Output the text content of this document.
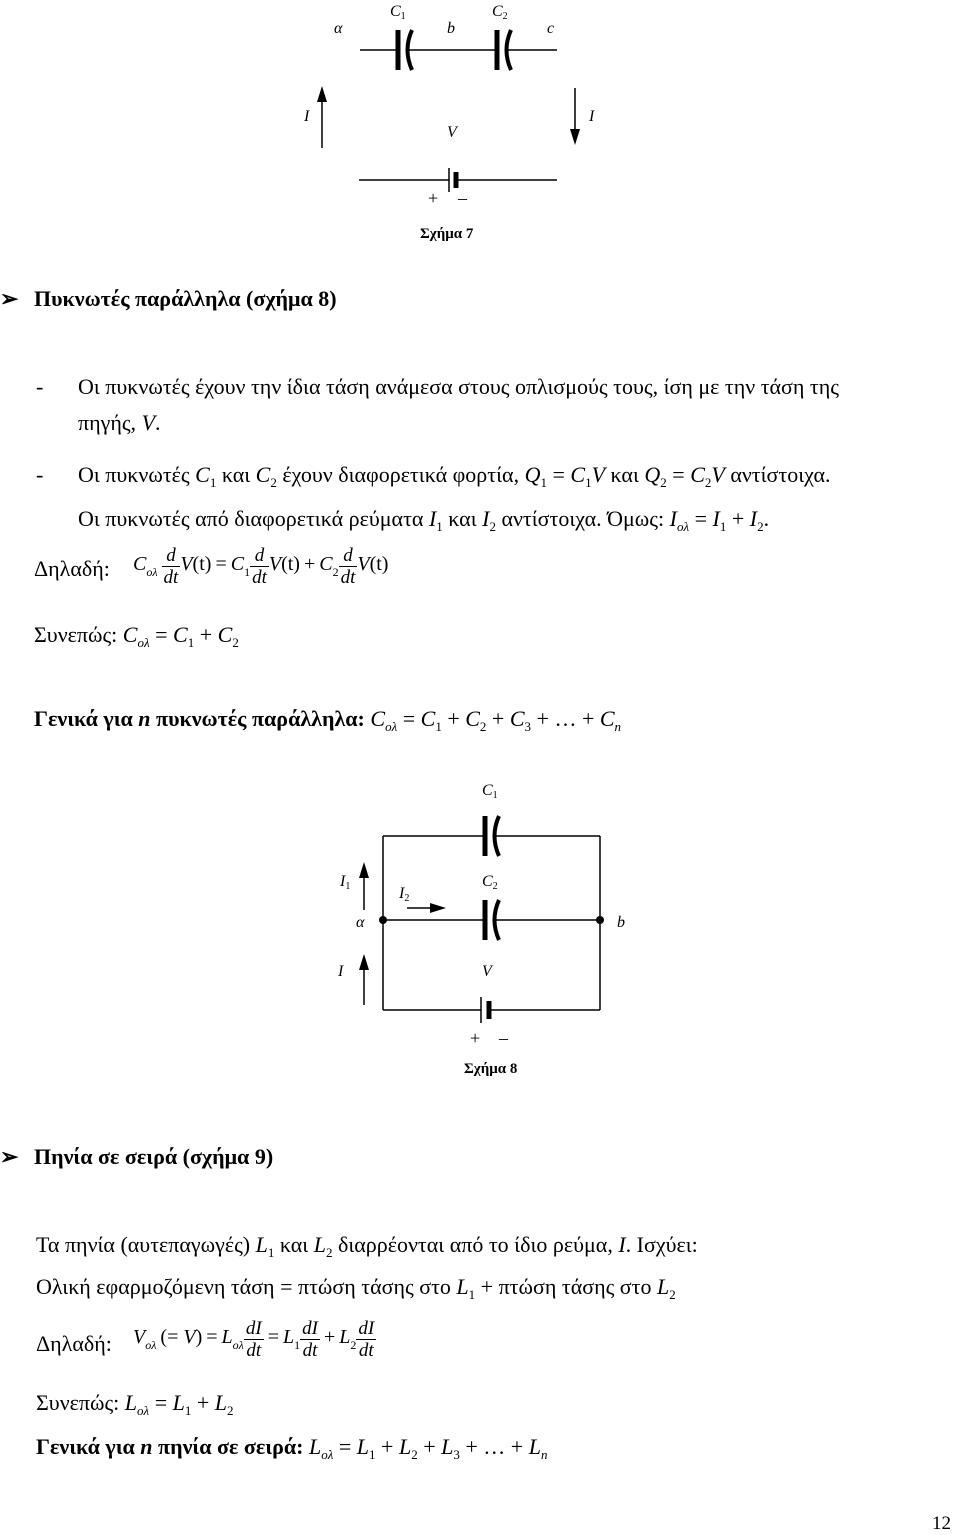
α
C1
b
C2
c
I	I
V
+ –
Σχήμα 7
➢ Πυκνωτές παράλληλα (σχήμα 8)
- Οι πυκνωτές έχουν την ίδια τάση ανάμεσα στους οπλισμούς τους, ίση με την τάση της
πηγής, V.
- Οι πυκνωτές $C_1$ και $C_2$ έχουν διαφορετικά φορτία, $Q_1 = C_1V$ και $Q_2 = C_2V$ αντίστοιχα.
Οι πυκνωτές από διαφορετικά ρεύματα $I_1$ και $I_2$ αντίστοιχα. Όμως: $I_{o\lambda} = I_1 + I_2$.
Δηλαδή: $C_{o\lambda} \frac{d}{dt} V(t) = C_1 \frac{d}{dt} V(t) + C_2 \frac{d}{dt} V(t)$
Συνεπώς: $C_{o\lambda} = C_1 + C_2$
Γενικά για n πυκνωτές παράλληλα: $C_{o\lambda} = C_1 + C_2 + C_3$ + … + $C_n$
C1
C2
I1	I2
α	b
I	V
+ –
Σχήμα 8
➢ Πηνία σε σειρά (σχήμα 9)
Τα πηνία (αυτεπαγωγές) $L_1$ και $L_2$ διαρρέονται από το ίδιο ρεύμα, I. Ισχύει:
Ολική εφαρμοζόμενη τάση = πτώση τάσης στο $L_1 + \pi\tau ώ\sigma\eta$ τάσης στο $L_2$
Δηλαδή: $V_{o\lambda}$ (= $V) = L_{o\lambda} \frac{dI}{dt} = L_1 \frac{dI}{dt} + L_2 \frac{dI}{dt}$
Συνεπώς: $L_{o\lambda} = L_1 + L_2$
Γενικά για n πηνία σε σειρά: $L_{o\lambda} = L_1 + L_2 + L_3$ + … + $L_n$
12
